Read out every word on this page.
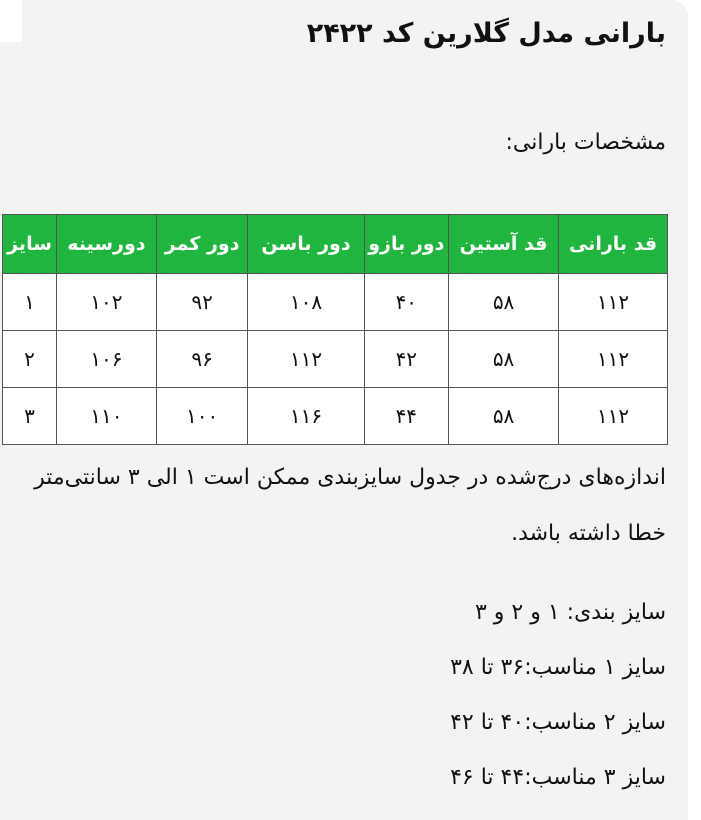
بارانی مدل گلارین کد ۲۴۲۲
مشخصات بارانی:
قد بارانی	قد آستین	دور بازو	دور باسن	دور کمر	دورسینه	سایز
۱۱۲	۵۸	۴۰	۱۰۸	۹۲	۱۰۲	۱
۱۱۲	۵۸	۴۲	۱۱۲	۹۶	۱۰۶	۲
۱۱۲	۵۸	۴۴	۱۱۶	۱۰۰	۱۱۰	۳
اندازه‌های درج‌شده در جدول سایزبندی ممکن است ۱ الی ۳ سانتی‌متر خطا داشته باشد.
سایز بندی: ۱ و ۲ و ۳
سایز ۱ مناسب:۳۶ تا ۳۸
سایز ۲ مناسب:۴۰ تا ۴۲
سایز ۳ مناسب:۴۴ تا ۴۶
